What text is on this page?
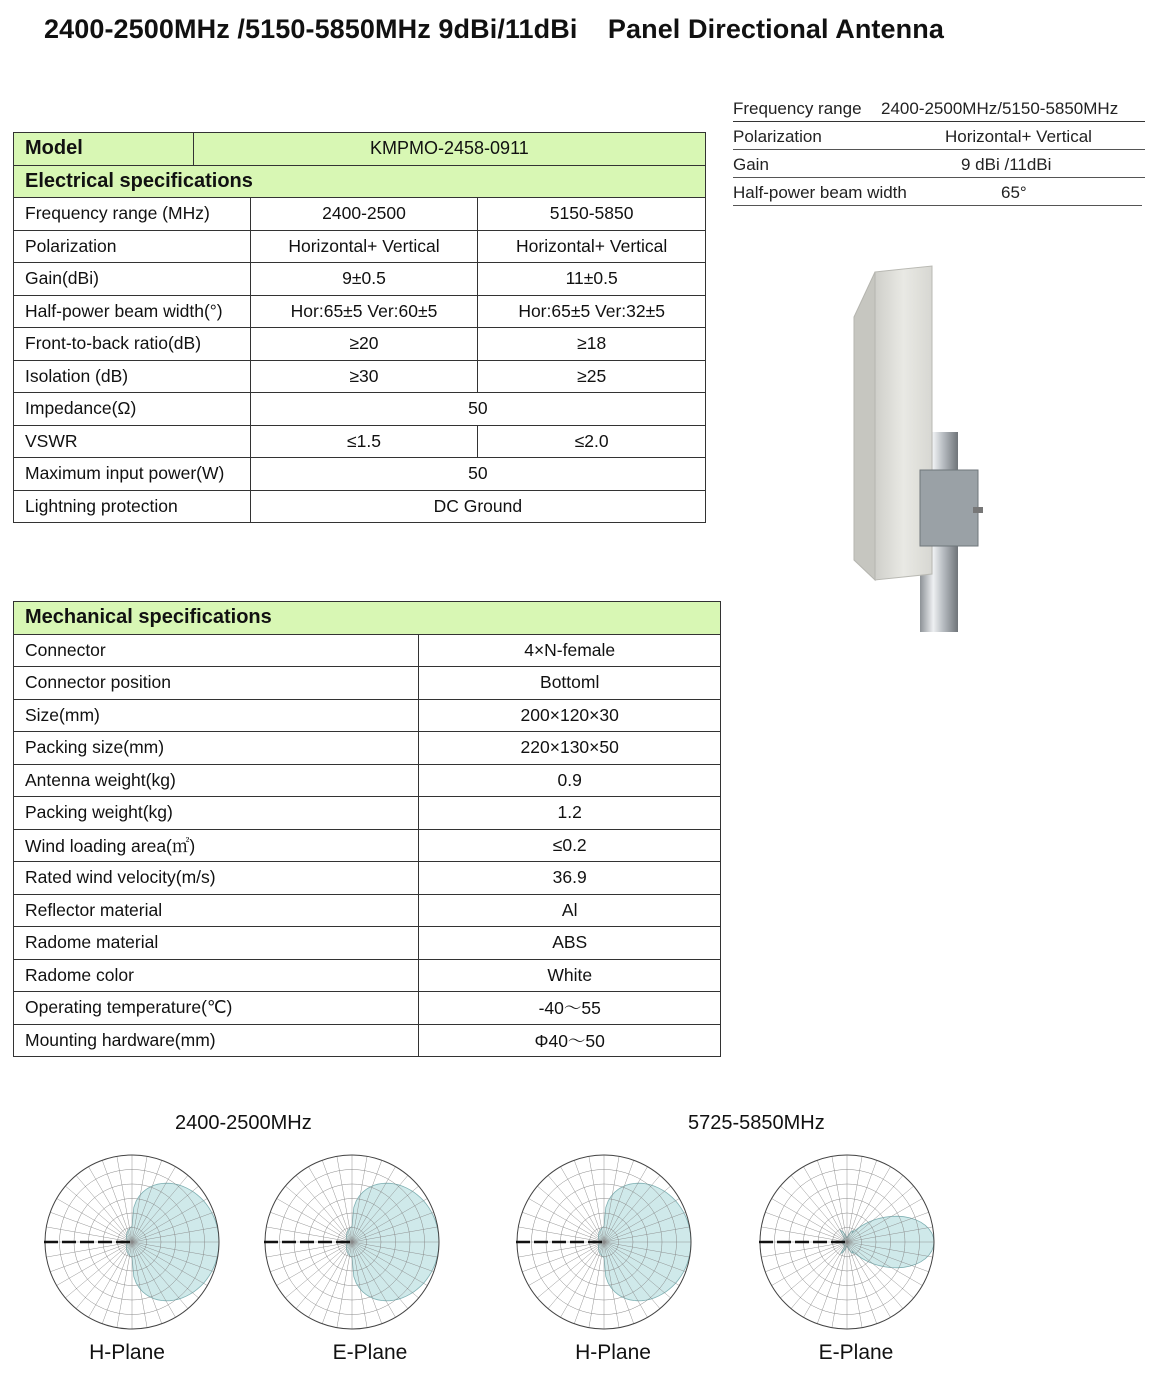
2400-2500MHz /5150-5850MHz 9dBi/11dBi    Panel Directional Antenna
Frequency range 2400-2500MHz/5150-5850MHz
Polarization	Horizontal+ Vertical
Gain	9 dBi /11dBi
Half-power beam width	65°
Model	KMPMO-2458-0911		
Electrical specifications			
Frequency range (MHz)		2400-2500	5150-5850
Polarization		Horizontal+ Vertical	Horizontal+ Vertical
Gain(dBi)		9±0.5	11±0.5
Half-power beam width(°)		Hor:65±5 Ver:60±5	Hor:65±5 Ver:32±5
Front-to-back ratio(dB)		≥20	≥18
Isolation (dB)		≥30	≥25
Impedance(Ω)		50	
VSWR		≤1.5	≤2.0
Maximum input power(W)		50	
Lightning protection		DC Ground	
Mechanical specifications	
Connector	4×N-female
Connector position	Bottoml
Size(mm)	200×120×30
Packing size(mm)	220×130×50
Antenna weight(kg)	0.9
Packing weight(kg)	1.2
Wind loading area(㎡)	≤0.2
Rated wind velocity(m/s)	36.9
Reflector material	Al
Radome material	ABS
Radome color	White
Operating temperature(℃)	-40～55
Mounting hardware(mm)	Φ40～50
2400-2500MHz	5725-5850MHz
H-Plane	E-Plane	H-Plane	E-Plane
